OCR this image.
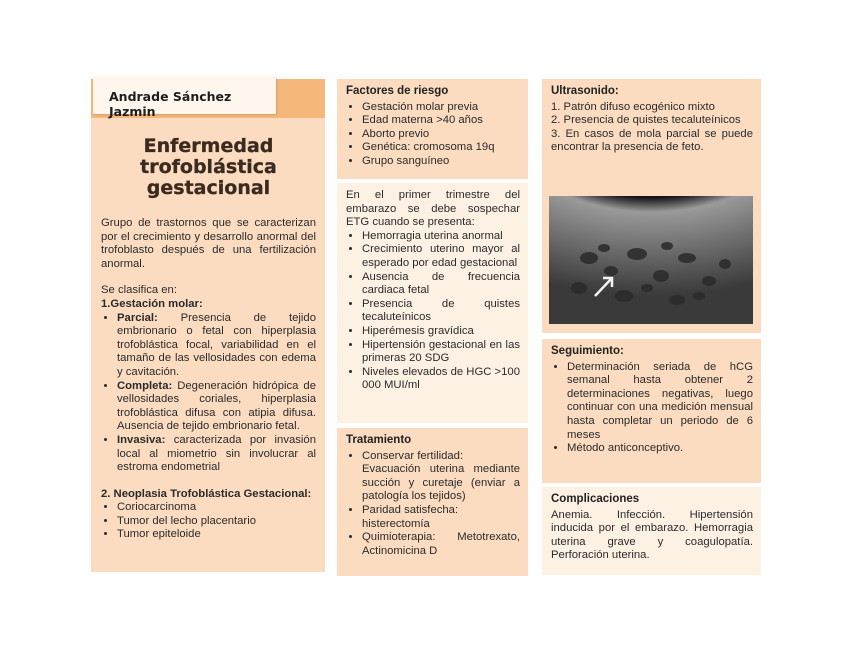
Andrade Sánchez Jazmin
Enfermedad
trofoblástica gestacional
Grupo de trastornos que se caracterizan por el crecimiento y desarrollo anormal del trofoblasto después de una fertilización anormal.
Se clasifica en:
1.Gestación molar:
• Parcial: Presencia de tejido embrionario o fetal con hiperplasia trofoblástica focal, variabilidad en el tamaño de las vellosidades con edema y cavitación.
• Completa: Degeneración hidrópica de vellosidades coriales, hiperplasia trofoblástica difusa con atipia difusa. Ausencia de tejido embrionario fetal.
• Invasiva: caracterizada por invasión local al miometrio sin involucrar al estroma endometrial
2. Neoplasia Trofoblástica Gestacional:
• Coriocarcinoma
• Tumor del lecho placentario
• Tumor epiteloide
Factores de riesgo
• Gestación molar previa
• Edad materna >40 años
• Aborto previo
• Genética: cromosoma 19q
• Grupo sanguíneo
En el primer trimestre del embarazo se debe sospechar ETG cuando se presenta:
• Hemorragia uterina anormal
• Crecimiento uterino mayor al esperado por edad gestacional
• Ausencia de frecuencia cardiaca fetal
• Presencia de quistes tecaluteínicos
• Hiperémesis gravídica
• Hipertensión gestacional en las primeras 20 SDG
• Niveles elevados de HGC >100 000 MUI/ml
Tratamiento
• Conservar fertilidad:
Evacuación uterina mediante succión y curetaje (enviar a patología los tejidos)
• Paridad satisfecha:
histerectomía
• Quimioterapia: Metotrexato, Actinomicina D
Ultrasonido:
1. Patrón difuso ecogénico mixto
2. Presencia de quistes tecaluteínicos
3. En casos de mola parcial se puede encontrar la presencia de feto.
Seguimiento:
• Determinación seriada de hCG semanal hasta obtener 2 determinaciones negativas, luego continuar con una medición mensual hasta completar un periodo de 6 meses
• Método anticonceptivo.
Complicaciones
Anemia. Infección. Hipertensión inducida por el embarazo. Hemorragia uterina grave y coagulopatía. Perforación uterina.
